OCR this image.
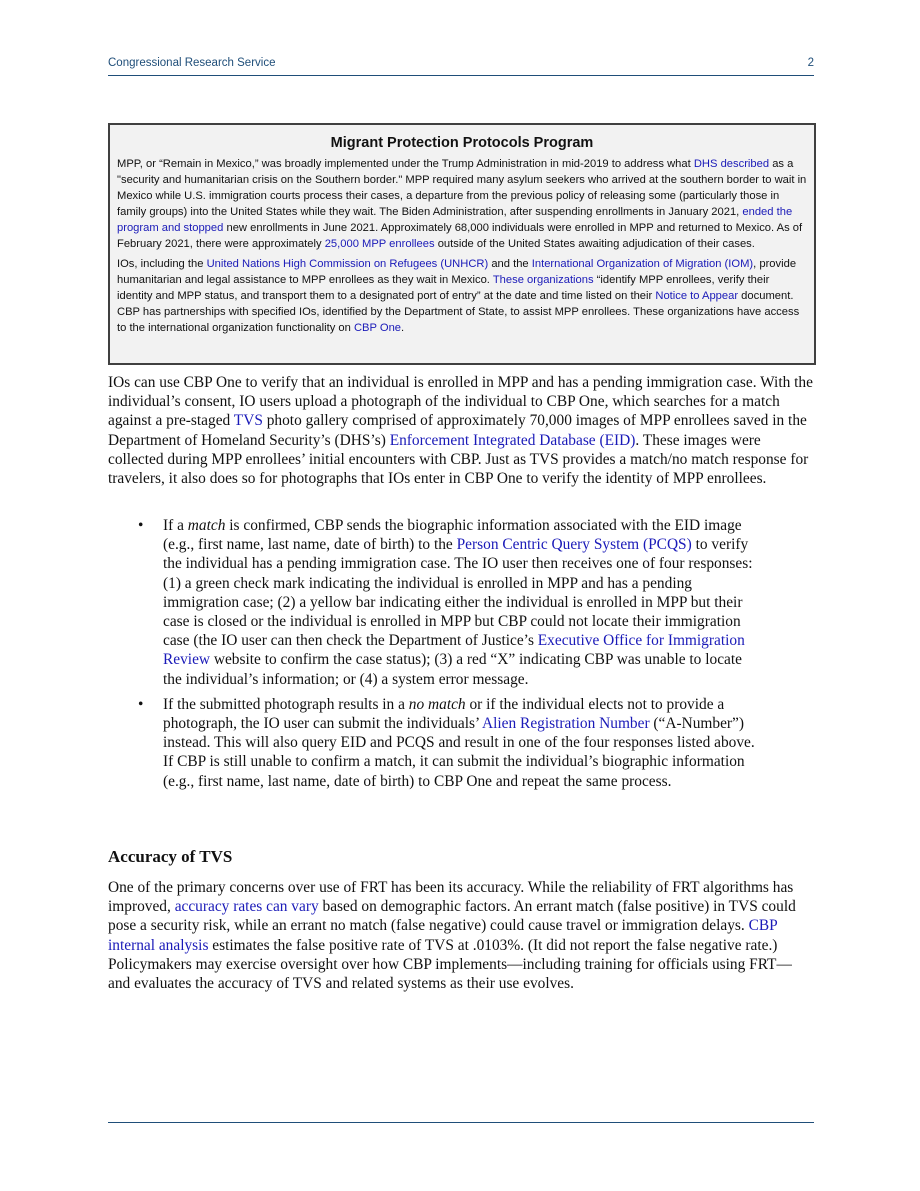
Congressional Research Service	2
Migrant Protection Protocols Program

MPP, or “Remain in Mexico,” was broadly implemented under the Trump Administration in mid-2019 to address what DHS described as a "security and humanitarian crisis on the Southern border." MPP required many asylum seekers who arrived at the southern border to wait in Mexico while U.S. immigration courts process their cases, a departure from the previous policy of releasing some (particularly those in family groups) into the United States while they wait. The Biden Administration, after suspending enrollments in January 2021, ended the program and stopped new enrollments in June 2021. Approximately 68,000 individuals were enrolled in MPP and returned to Mexico. As of February 2021, there were approximately 25,000 MPP enrollees outside of the United States awaiting adjudication of their cases.

IOs, including the United Nations High Commission on Refugees (UNHCR) and the International Organization of Migration (IOM), provide humanitarian and legal assistance to MPP enrollees as they wait in Mexico. These organizations “identify MPP enrollees, verify their identity and MPP status, and transport them to a designated port of entry” at the date and time listed on their Notice to Appear document. CBP has partnerships with specified IOs, identified by the Department of State, to assist MPP enrollees. These organizations have access to the international organization functionality on CBP One.

IOs can use CBP One to verify that an individual is enrolled in MPP and has a pending immigration case. With the individual’s consent, IO users upload a photograph of the individual to CBP One, which searches for a match against a pre-staged TVS photo gallery comprised of approximately 70,000 images of MPP enrollees saved in the Department of Homeland Security’s (DHS’s) Enforcement Integrated Database (EID). These images were collected during MPP enrollees’ initial encounters with CBP. Just as TVS provides a match/no match response for travelers, it also does so for photographs that IOs enter in CBP One to verify the identity of MPP enrollees.

• If a match is confirmed, CBP sends the biographic information associated with the EID image (e.g., first name, last name, date of birth) to the Person Centric Query System (PCQS) to verify the individual has a pending immigration case. The IO user then receives one of four responses: (1) a green check mark indicating the individual is enrolled in MPP and has a pending immigration case; (2) a yellow bar indicating either the individual is enrolled in MPP but their case is closed or the individual is enrolled in MPP but CBP could not locate their immigration case (the IO user can then check the Department of Justice’s Executive Office for Immigration Review website to confirm the case status); (3) a red “X” indicating CBP was unable to locate the individual’s information; or (4) a system error message.
• If the submitted photograph results in a no match or if the individual elects not to provide a photograph, the IO user can submit the individuals’ Alien Registration Number (“A-Number”) instead. This will also query EID and PCQS and result in one of the four responses listed above. If CBP is still unable to confirm a match, it can submit the individual’s biographic information (e.g., first name, last name, date of birth) to CBP One and repeat the same process.
Accuracy of TVS

One of the primary concerns over use of FRT has been its accuracy. While the reliability of FRT algorithms has improved, accuracy rates can vary based on demographic factors. An errant match (false positive) in TVS could pose a security risk, while an errant no match (false negative) could cause travel or immigration delays. CBP internal analysis estimates the false positive rate of TVS at .0103%. (It did not report the false negative rate.) Policymakers may exercise oversight over how CBP implements—including training for officials using FRT—and evaluates the accuracy of TVS and related systems as their use evolves.
